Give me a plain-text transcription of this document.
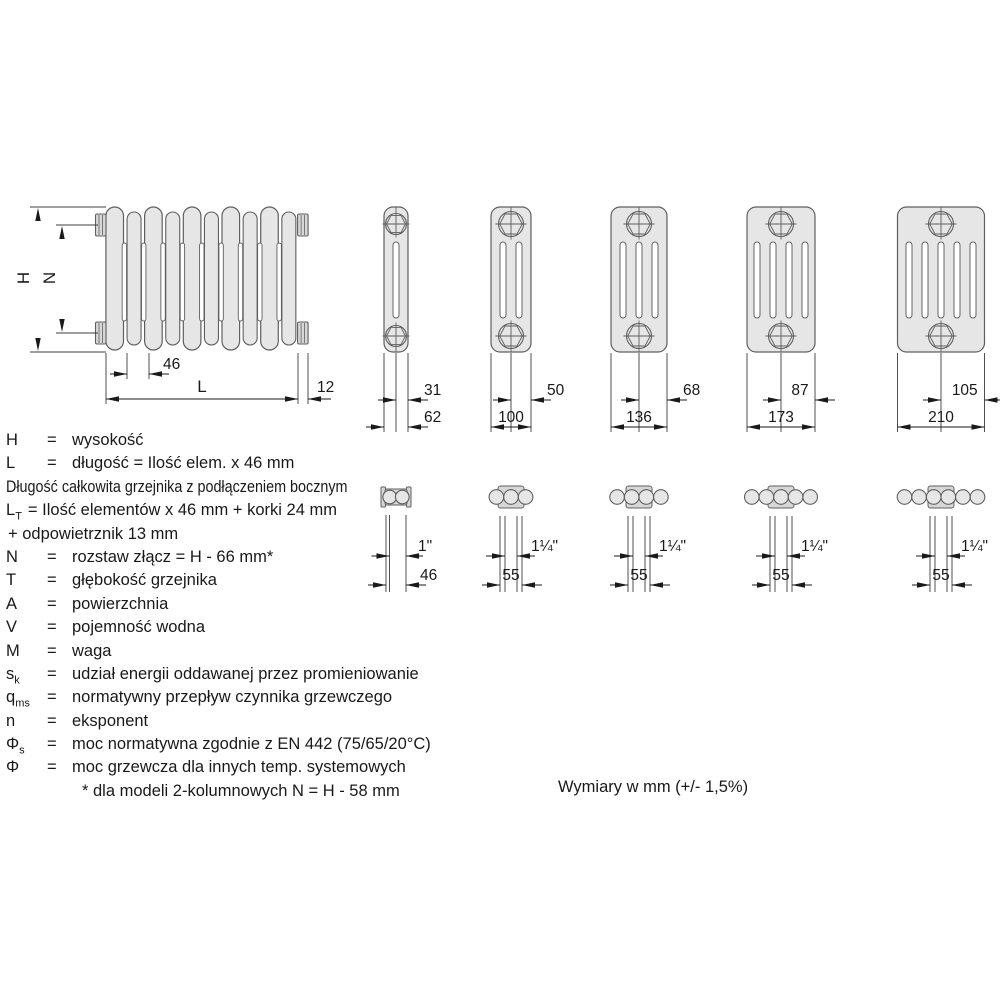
H N
46
L	12	31
62
50
100
68
136
87
173
105
210
1"
46
1¼"
55
1¼"
55
1¼"
55
1¼"
55
H = wysokość
L = długość = Ilość elem. x 46 mm
Długość całkowita grzejnika z podłączeniem bocznym
$L_T$ = Ilość elementów x 46 mm + korki 24 mm
+ odpowietrznik 13 mm
N = rozstaw złącz = H - 66 mm*
T = głębokość grzejnika
A = powierzchnia
V = pojemność wodna
M = waga
$s_k$ = udział energii oddawanej przez promieniowanie
$q_{ms}$ = normatywny przepływ czynnika grzewczego
n = eksponent
$\Phi_s$ = moc normatywna zgodnie z EN 442 (75/65/20°C)
Φ = moc grzewcza dla innych temp. systemowych
* dla modeli 2-kolumnowych N = H - 58 mm	Wymiary w mm (+/- 1,5%)
